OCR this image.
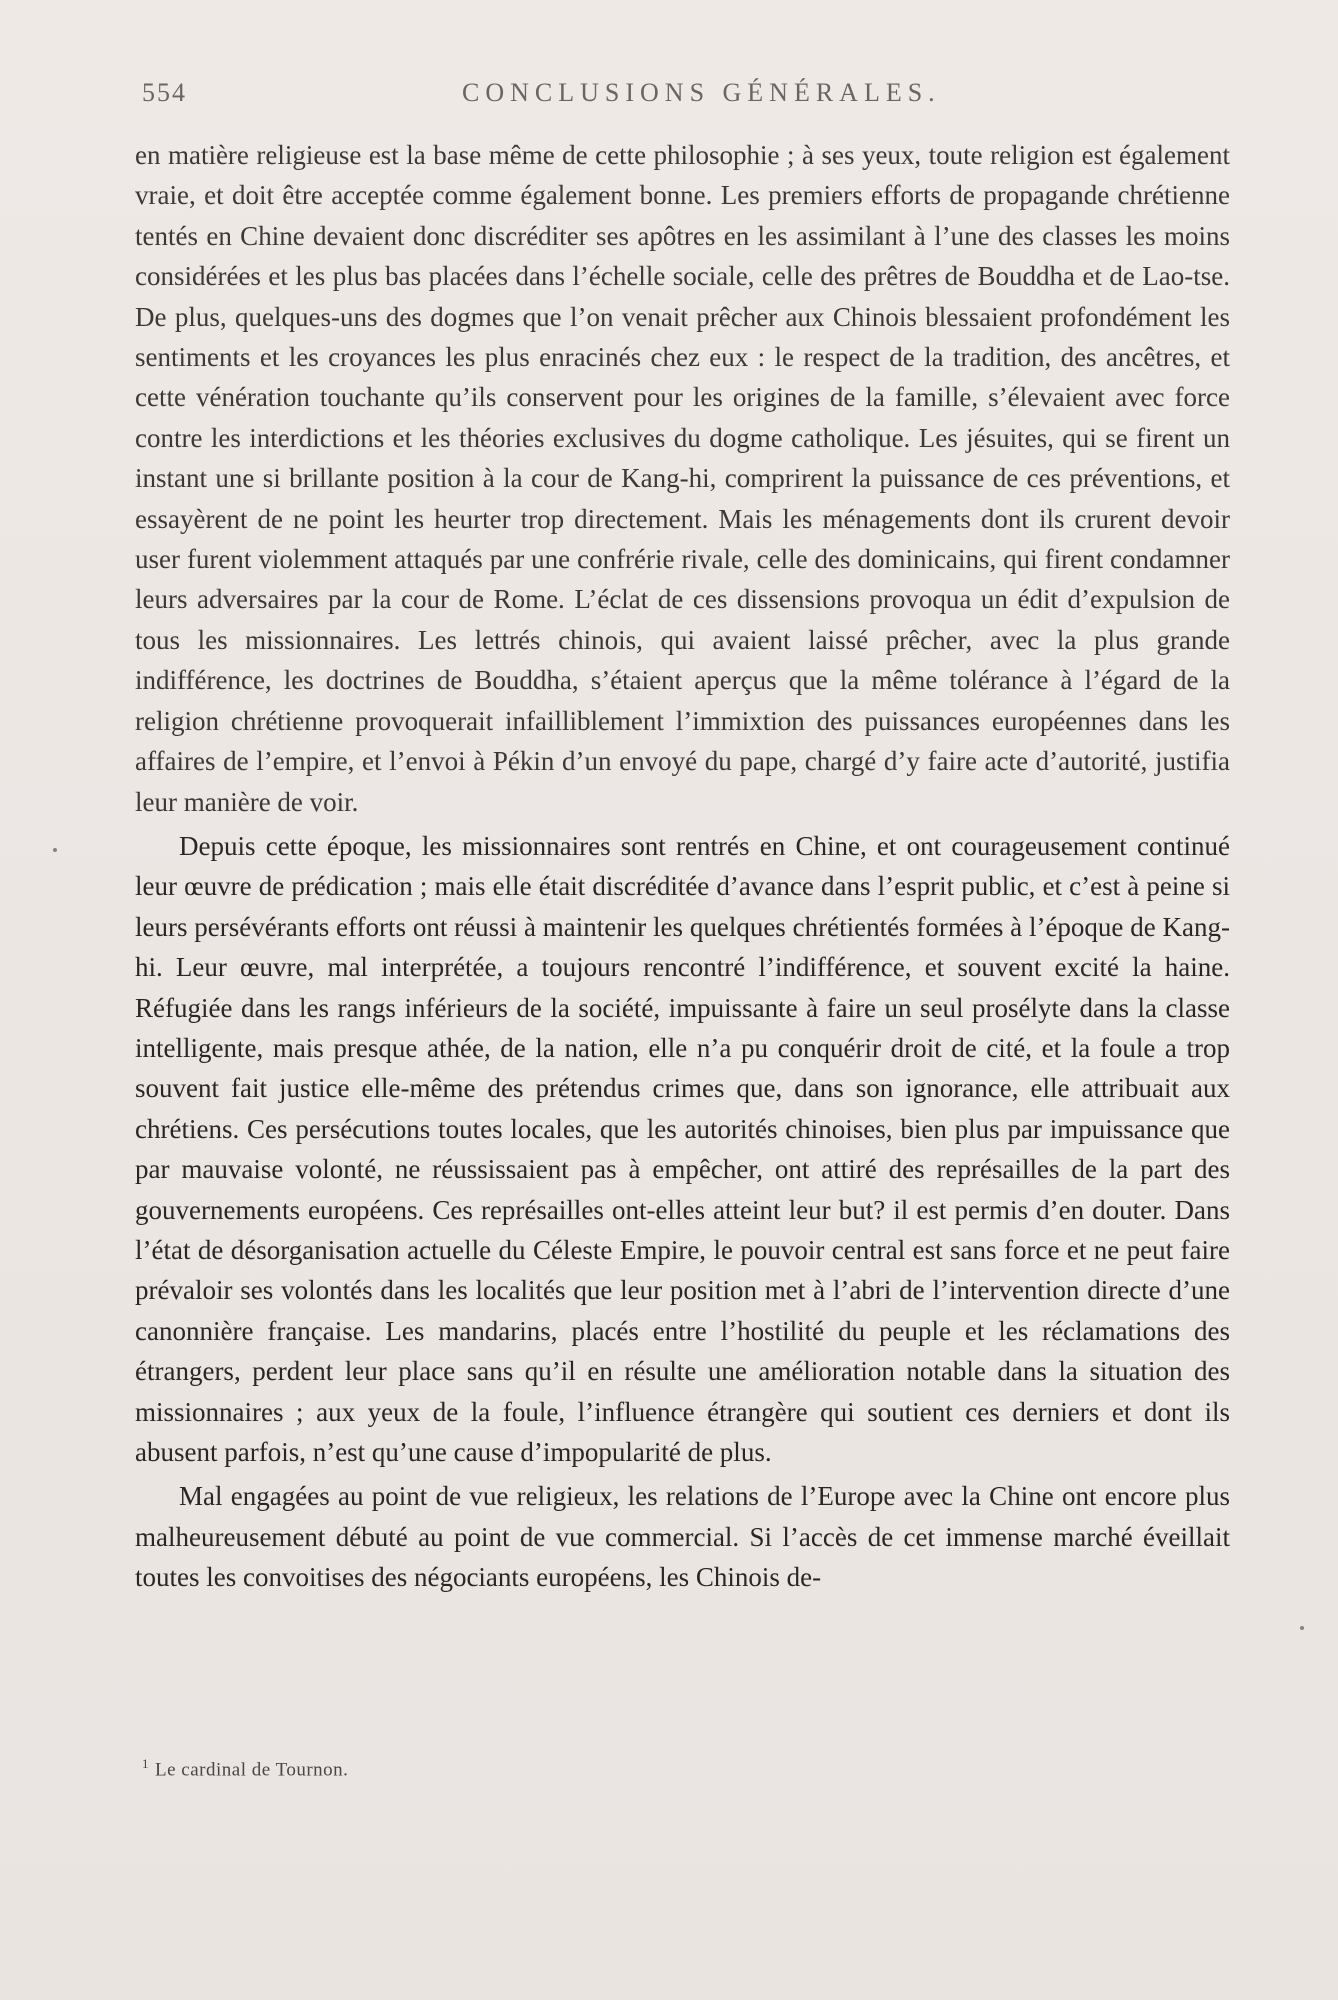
554	CONCLUSIONS GÉNÉRALES.

en matière religieuse est la base même de cette philosophie ; à ses yeux, toute religion est également vraie, et doit être acceptée comme également bonne. Les premiers efforts de propagande chrétienne tentés en Chine devaient donc discréditer ses apôtres en les assimilant à l’une des classes les moins considérées et les plus bas placées dans l’échelle sociale, celle des prêtres de Bouddha et de Lao-tse. De plus, quelques-uns des dogmes que l’on venait prêcher aux Chinois blessaient profondément les sentiments et les croyances les plus enracinés chez eux : le respect de la tradition, des ancêtres, et cette vénération touchante qu’ils conservent pour les origines de la famille, s’élevaient avec force contre les interdictions et les théories exclusives du dogme catholique. Les jésuites, qui se firent un instant une si brillante position à la cour de Kang-hi, comprirent la puissance de ces préventions, et essayèrent de ne point les heurter trop directement. Mais les ménagements dont ils crurent devoir user furent violemment attaqués par une confrérie rivale, celle des dominicains, qui firent condamner leurs adversaires par la cour de Rome. L’éclat de ces dissensions provoqua un édit d’expulsion de tous les missionnaires. Les lettrés chinois, qui avaient laissé prêcher, avec la plus grande indifférence, les doctrines de Bouddha, s’étaient aperçus que la même tolérance à l’égard de la religion chrétienne provoquerait infailliblement l’immixtion des puissances européennes dans les affaires de l’empire, et l’envoi à Pékin d’un envoyé du pape, chargé d’y faire acte d’autorité, justifia leur manière de voir.

Depuis cette époque, les missionnaires sont rentrés en Chine, et ont courageusement continué leur œuvre de prédication ; mais elle était discréditée d’avance dans l’esprit public, et c’est à peine si leurs persévérants efforts ont réussi à maintenir les quelques chrétientés formées à l’époque de Kang-hi. Leur œuvre, mal interprétée, a toujours rencontré l’indifférence, et souvent excité la haine. Réfugiée dans les rangs inférieurs de la société, impuissante à faire un seul prosélyte dans la classe intelligente, mais presque athée, de la nation, elle n’a pu conquérir droit de cité, et la foule a trop souvent fait justice elle-même des prétendus crimes que, dans son ignorance, elle attribuait aux chrétiens. Ces persécutions toutes locales, que les autorités chinoises, bien plus par impuissance que par mauvaise volonté, ne réussissaient pas à empêcher, ont attiré des représailles de la part des gouvernements européens. Ces représailles ont-elles atteint leur but? il est permis d’en douter. Dans l’état de désorganisation actuelle du Céleste Empire, le pouvoir central est sans force et ne peut faire prévaloir ses volontés dans les localités que leur position met à l’abri de l’intervention directe d’une canonnière française. Les mandarins, placés entre l’hostilité du peuple et les réclamations des étrangers, perdent leur place sans qu’il en résulte une amélioration notable dans la situation des missionnaires ; aux yeux de la foule, l’influence étrangère qui soutient ces derniers et dont ils abusent parfois, n’est qu’une cause d’impopularité de plus.

Mal engagées au point de vue religieux, les relations de l’Europe avec la Chine ont encore plus malheureusement débuté au point de vue commercial. Si l’accès de cet immense marché éveillait toutes les convoitises des négociants européens, les Chinois de-

$^1$ Le cardinal de Tournon.
